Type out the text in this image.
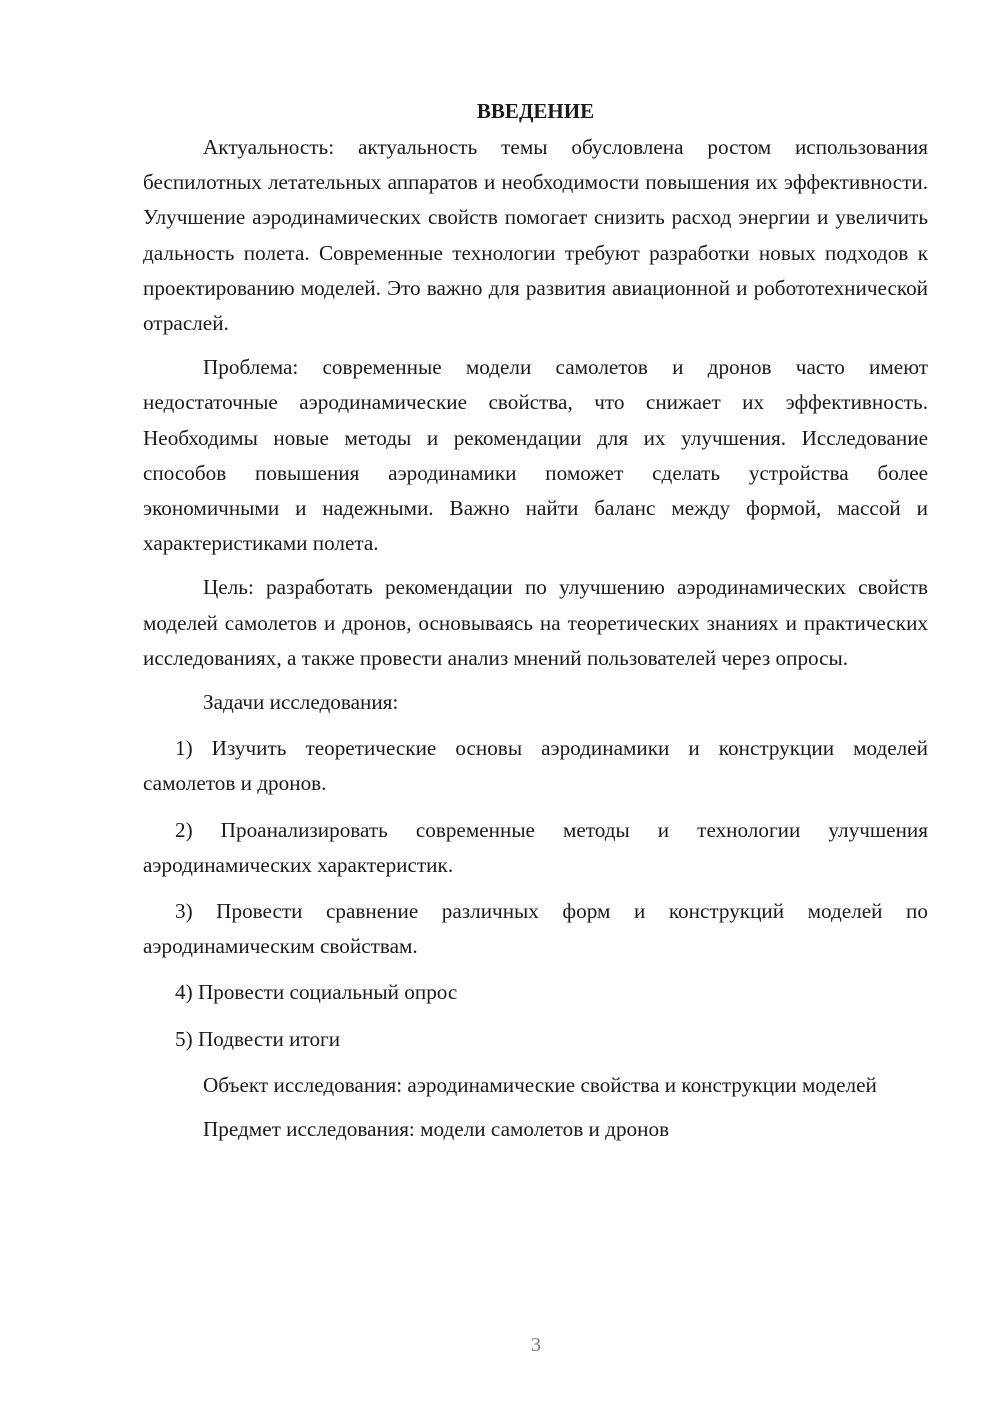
ВВЕДЕНИЕ

Актуальность: актуальность темы обусловлена ростом использования беспилотных летательных аппаратов и необходимости повышения их эффективности. Улучшение аэродинамических свойств помогает снизить расход энергии и увеличить дальность полета. Современные технологии требуют разработки новых подходов к проектированию моделей. Это важно для развития авиационной и робототехнической отраслей.

Проблема: современные модели самолетов и дронов часто имеют недостаточные аэродинамические свойства, что снижает их эффективность. Необходимы новые методы и рекомендации для их улучшения. Исследование способов повышения аэродинамики поможет сделать устройства более экономичными и надежными. Важно найти баланс между формой, массой и характеристиками полета.

Цель: разработать рекомендации по улучшению аэродинамических свойств моделей самолетов и дронов, основываясь на теоретических знаниях и практических исследованиях, а также провести анализ мнений пользователей через опросы.

Задачи исследования:

1) Изучить теоретические основы аэродинамики и конструкции моделей самолетов и дронов.

2) Проанализировать современные методы и технологии улучшения аэродинамических характеристик.

3) Провести сравнение различных форм и конструкций моделей по аэродинамическим свойствам.

4) Провести социальный опрос

5) Подвести итоги

Объект исследования: аэродинамические свойства и конструкции моделей

Предмет исследования: модели самолетов и дронов

3
